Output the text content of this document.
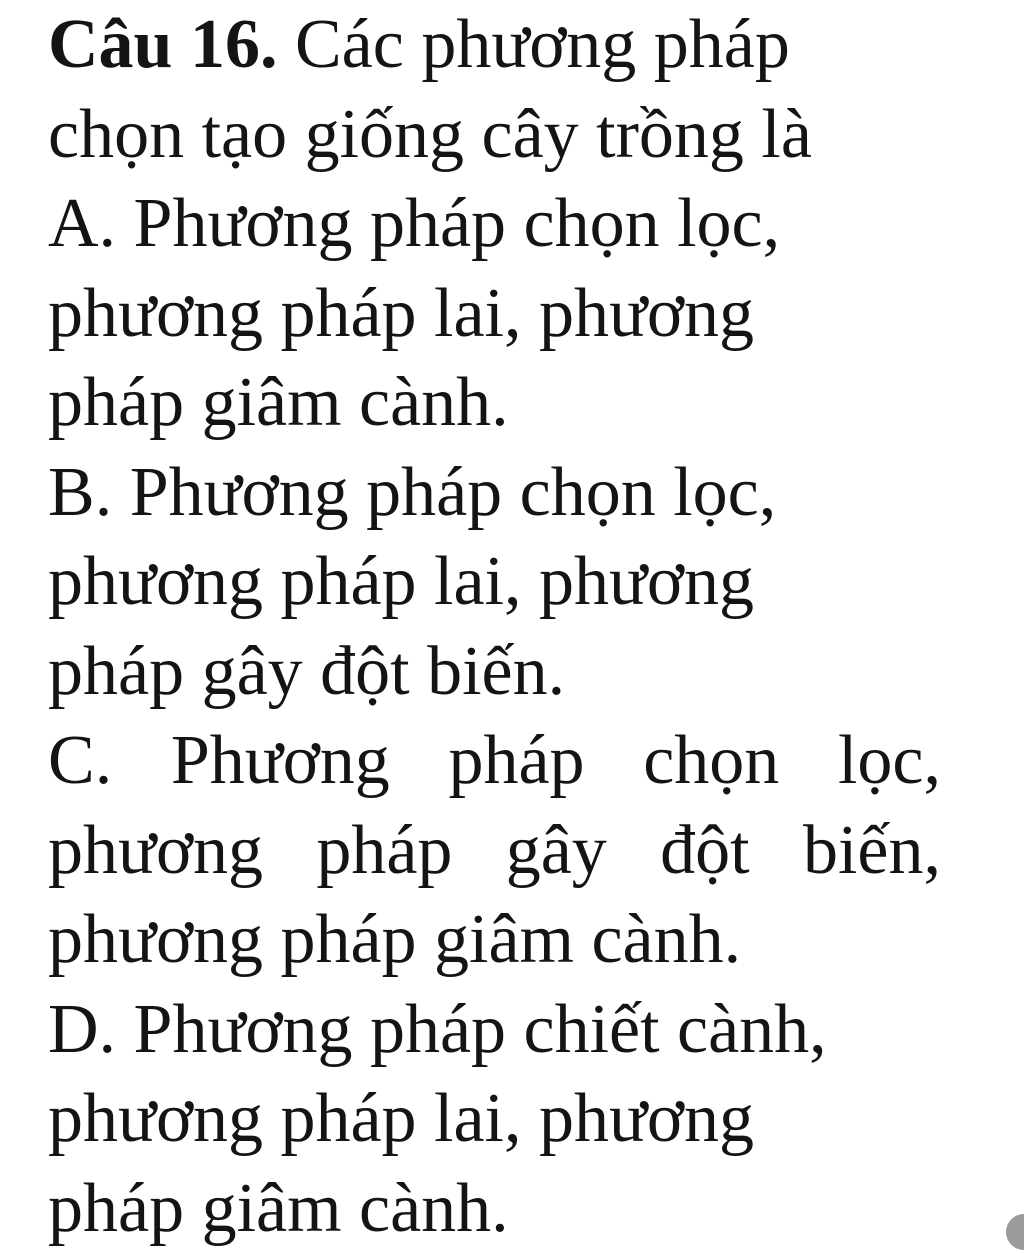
Câu 16. Các phương pháp
chọn tạo giống cây trồng là
A. Phương pháp chọn lọc,
phương pháp lai, phương
pháp giâm cành.
B. Phương pháp chọn lọc,
phương pháp lai, phương
pháp gây đột biến.
C. Phương pháp chọn lọc,
phương pháp gây đột biến,
phương pháp giâm cành.
D. Phương pháp chiết cành,
phương pháp lai, phương
pháp giâm cành.
